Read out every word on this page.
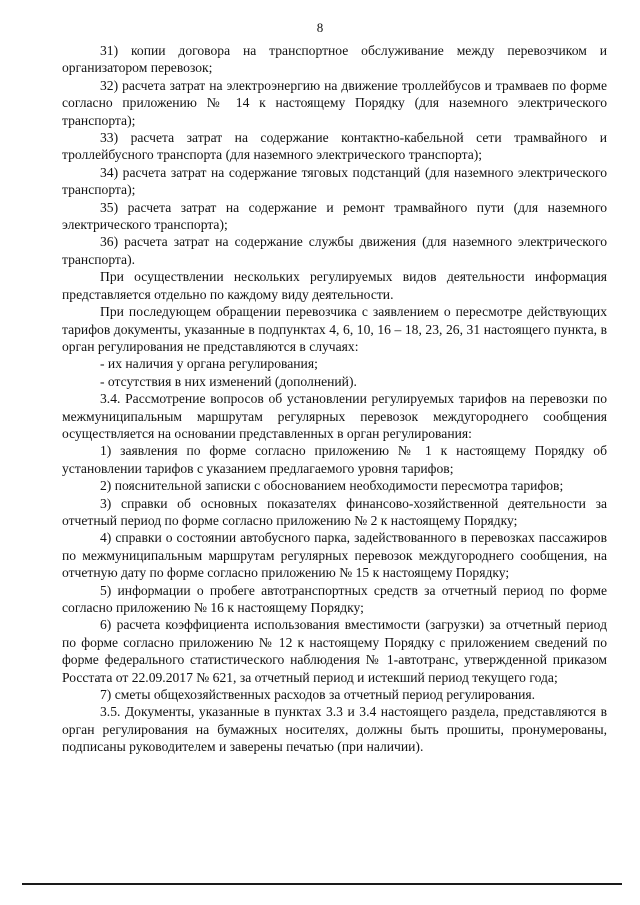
8

31) копии договора на транспортное обслуживание между перевозчиком и организатором перевозок;

32) расчета затрат на электроэнергию на движение троллейбусов и трамваев по форме согласно приложению № 14 к настоящему Порядку (для наземного электрического транспорта);

33) расчета затрат на содержание контактно-кабельной сети трамвайного и троллейбусного транспорта (для наземного электрического транспорта);

34) расчета затрат на содержание тяговых подстанций (для наземного электрического транспорта);

35) расчета затрат на содержание и ремонт трамвайного пути (для наземного электрического транспорта);

36) расчета затрат на содержание службы движения (для наземного электрического транспорта).

При осуществлении нескольких регулируемых видов деятельности информация представляется отдельно по каждому виду деятельности.

При последующем обращении перевозчика с заявлением о пересмотре действующих тарифов документы, указанные в подпунктах 4, 6, 10, 16 – 18, 23, 26, 31 настоящего пункта, в орган регулирования не представляются в случаях:

- их наличия у органа регулирования;

- отсутствия в них изменений (дополнений).

3.4. Рассмотрение вопросов об установлении регулируемых тарифов на перевозки по межмуниципальным маршрутам регулярных перевозок междугороднего сообщения осуществляется на основании представленных в орган регулирования:

1) заявления по форме согласно приложению № 1 к настоящему Порядку об установлении тарифов с указанием предлагаемого уровня тарифов;

2) пояснительной записки с обоснованием необходимости пересмотра тарифов;

3) справки об основных показателях финансово-хозяйственной деятельности за отчетный период по форме согласно приложению № 2 к настоящему Порядку;

4) справки о состоянии автобусного парка, задействованного в перевозках пассажиров по межмуниципальным маршрутам регулярных перевозок междугороднего сообщения, на отчетную дату по форме согласно приложению № 15 к настоящему Порядку;

5) информации о пробеге автотранспортных средств за отчетный период по форме согласно приложению № 16 к настоящему Порядку;

6) расчета коэффициента использования вместимости (загрузки) за отчетный период по форме согласно приложению № 12 к настоящему Порядку с приложением сведений по форме федерального статистического наблюдения № 1-автотранс, утвержденной приказом Росстата от 22.09.2017 № 621, за отчетный период и истекший период текущего года;

7) сметы общехозяйственных расходов за отчетный период регулирования.

3.5. Документы, указанные в пунктах 3.3 и 3.4 настоящего раздела, представляются в орган регулирования на бумажных носителях, должны быть прошиты, пронумерованы, подписаны руководителем и заверены печатью (при наличии).
